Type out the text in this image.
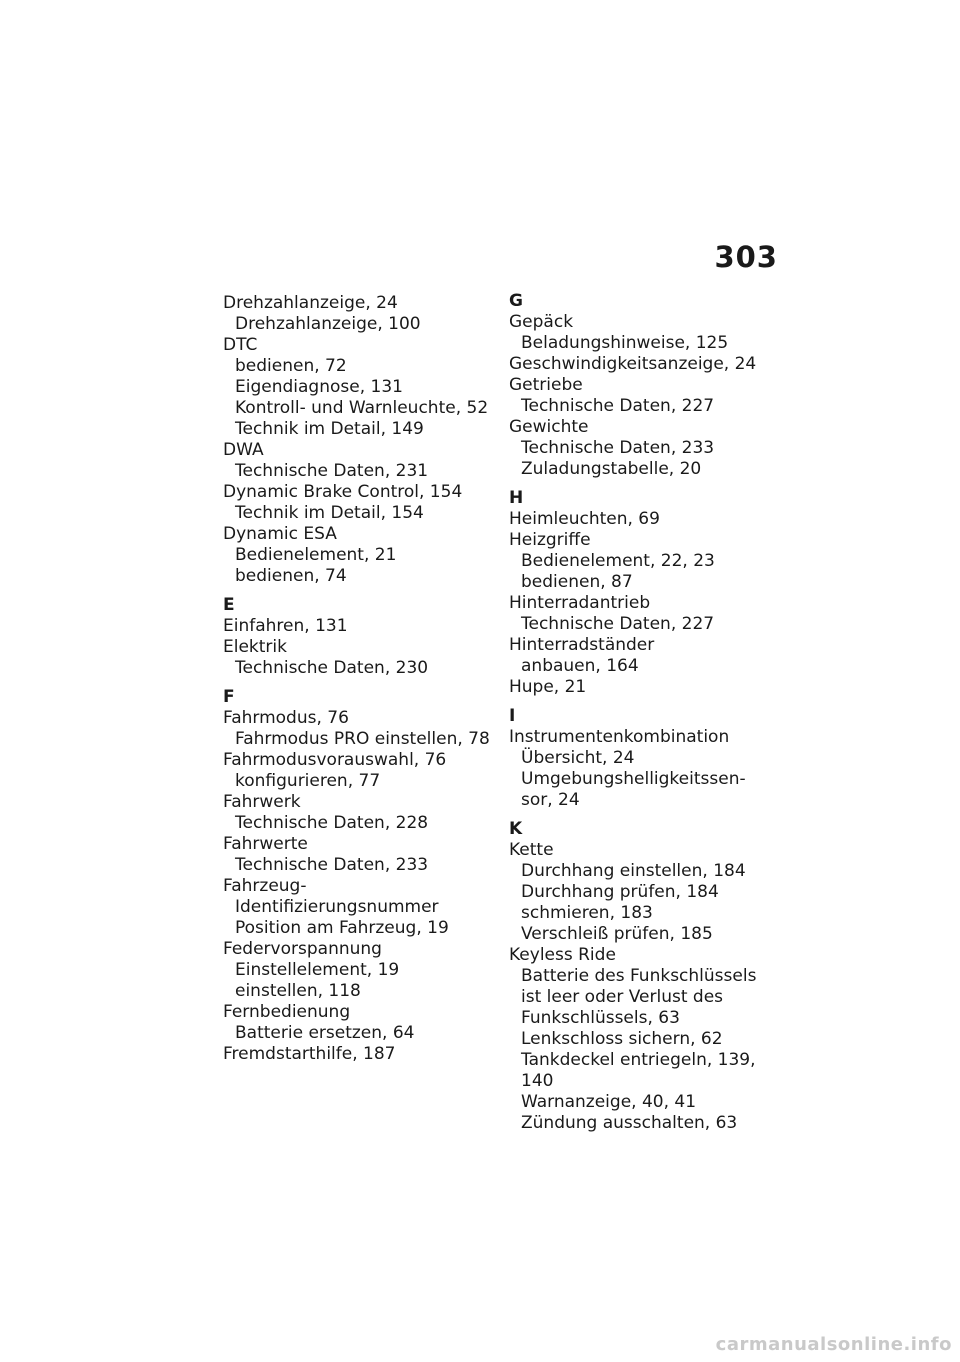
303
Drehzahlanzeige, 24
Drehzahlanzeige, 100
DTC
bedienen, 72
Eigendiagnose, 131
Kontroll- und Warnleuchte, 52
Technik im Detail, 149
DWA
Technische Daten, 231
Dynamic Brake Control, 154
Technik im Detail, 154
Dynamic ESA
Bedienelement, 21
bedienen, 74
E
Einfahren, 131
Elektrik
Technische Daten, 230
F
Fahrmodus, 76
Fahrmodus PRO einstellen, 78
Fahrmodusvorauswahl, 76
konfigurieren, 77
Fahrwerk
Technische Daten, 228
Fahrwerte
Technische Daten, 233
Fahrzeug-
Identifizierungsnummer
Position am Fahrzeug, 19
Federvorspannung
Einstellelement, 19
einstellen, 118
Fernbedienung
Batterie ersetzen, 64
Fremdstarthilfe, 187
G
Gepäck
Beladungshinweise, 125
Geschwindigkeitsanzeige, 24
Getriebe
Technische Daten, 227
Gewichte
Technische Daten, 233
Zuladungstabelle, 20
H
Heimleuchten, 69
Heizgriffe
Bedienelement, 22, 23
bedienen, 87
Hinterradantrieb
Technische Daten, 227
Hinterradständer
anbauen, 164
Hupe, 21
I
Instrumentenkombination
Übersicht, 24
Umgebungshelligkeitssen-
sor, 24
K
Kette
Durchhang einstellen, 184
Durchhang prüfen, 184
schmieren, 183
Verschleiß prüfen, 185
Keyless Ride
Batterie des Funkschlüssels
ist leer oder Verlust des
Funkschlüssels, 63
Lenkschloss sichern, 62
Tankdeckel entriegeln, 139,
140
Warnanzeige, 40, 41
Zündung ausschalten, 63
carmanualsonline.info
